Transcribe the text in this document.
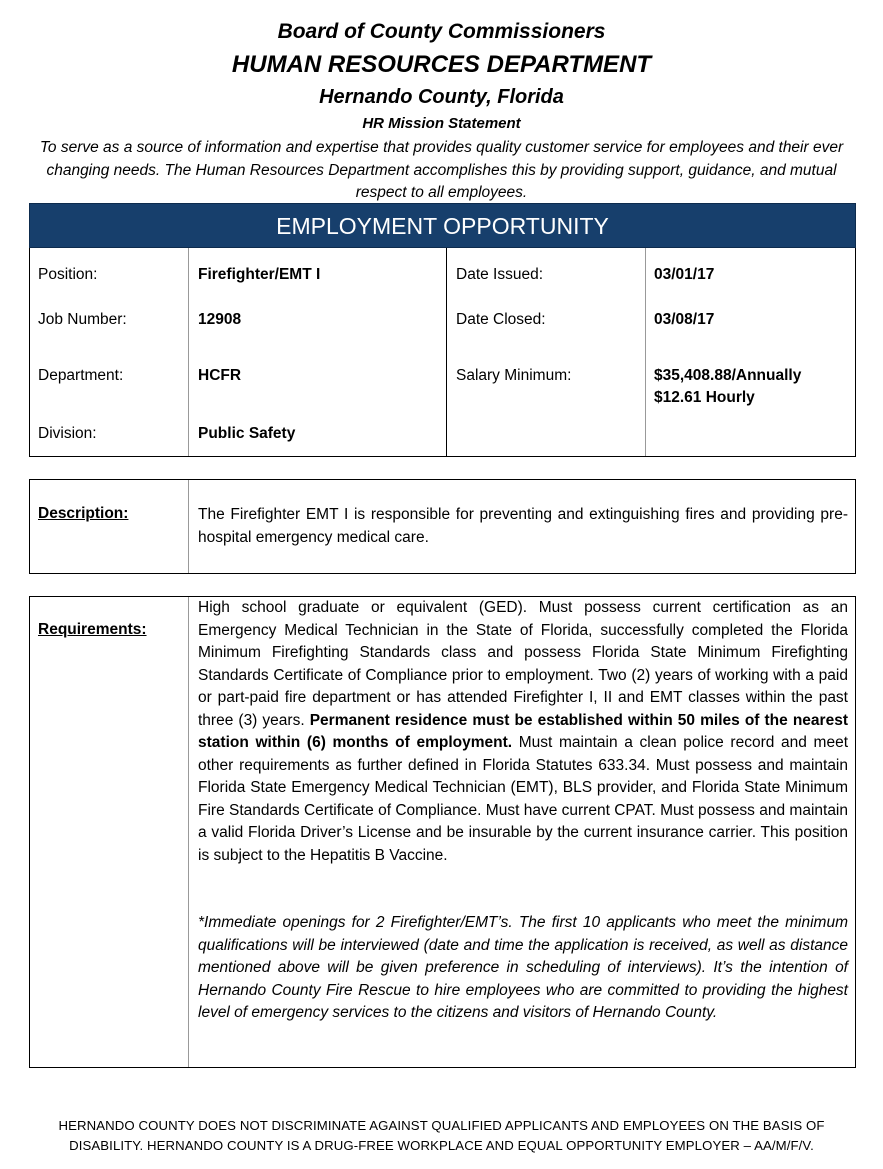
Board of County Commissioners
HUMAN RESOURCES DEPARTMENT
Hernando County, Florida
HR Mission Statement
To serve as a source of information and expertise that provides quality customer service for employees and their ever changing needs. The Human Resources Department accomplishes this by providing support, guidance, and mutual respect to all employees.
EMPLOYMENT OPPORTUNITY
Position:	Firefighter/EMT I	Date Issued:	03/01/17
Job Number:	12908	Date Closed:	03/08/17
Department:	HCFR	Salary Minimum:	$35,408.88/Annually
$12.61 Hourly
Division:	Public Safety
Description:	The Firefighter EMT I is responsible for preventing and extinguishing fires and providing pre-hospital emergency medical care.
Requirements:
High school graduate or equivalent (GED). Must possess current certification as an Emergency Medical Technician in the State of Florida, successfully completed the Florida Minimum Firefighting Standards class and possess Florida State Minimum Firefighting Standards Certificate of Compliance prior to employment. Two (2) years of working with a paid or part-paid fire department or has attended Firefighter I, II and EMT classes within the past three (3) years. Permanent residence must be established within 50 miles of the nearest station within (6) months of employment. Must maintain a clean police record and meet other requirements as further defined in Florida Statutes 633.34. Must possess and maintain Florida State Emergency Medical Technician (EMT), BLS provider, and Florida State Minimum Fire Standards Certificate of Compliance. Must have current CPAT. Must possess and maintain a valid Florida Driver’s License and be insurable by the current insurance carrier. This position is subject to the Hepatitis B Vaccine.
*Immediate openings for 2 Firefighter/EMT’s. The first 10 applicants who meet the minimum qualifications will be interviewed (date and time the application is received, as well as distance mentioned above will be given preference in scheduling of interviews). It’s the intention of Hernando County Fire Rescue to hire employees who are committed to providing the highest level of emergency services to the citizens and visitors of Hernando County.
HERNANDO COUNTY DOES NOT DISCRIMINATE AGAINST QUALIFIED APPLICANTS AND EMPLOYEES ON THE BASIS OF DISABILITY. HERNANDO COUNTY IS A DRUG-FREE WORKPLACE AND EQUAL OPPORTUNITY EMPLOYER – AA/M/F/V.
